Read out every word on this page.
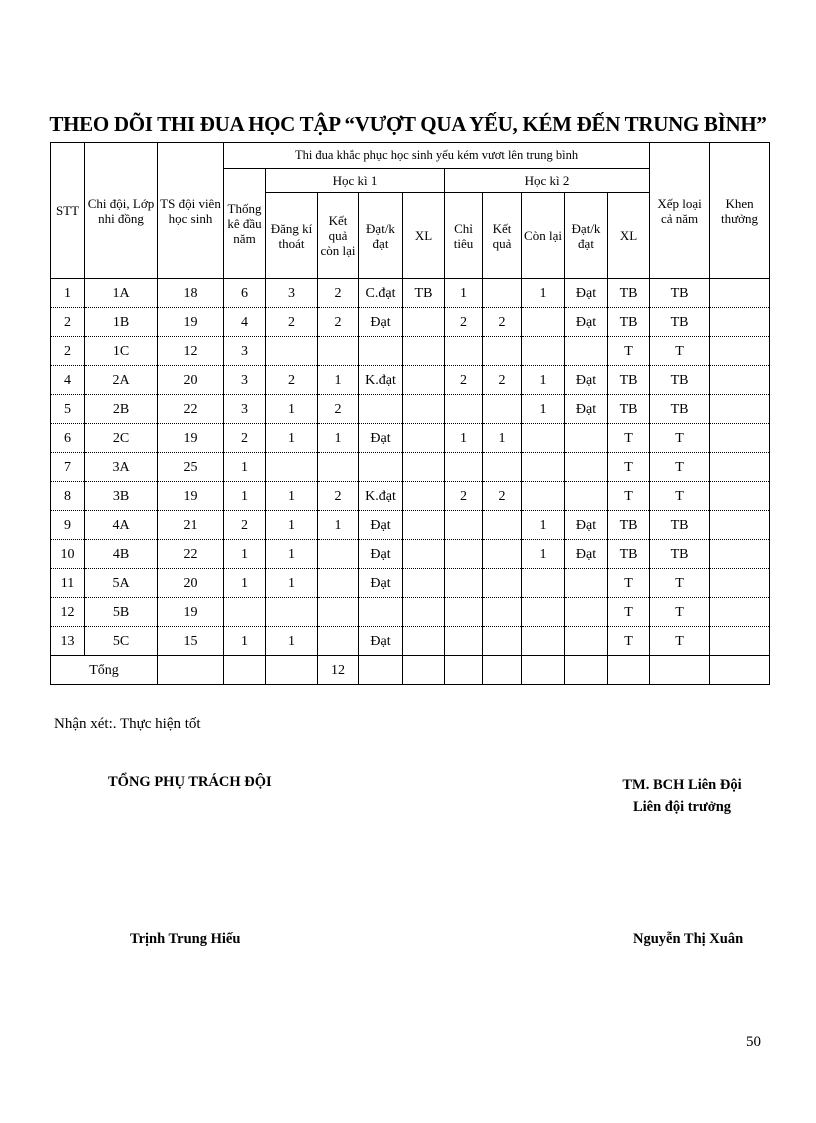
THEO DÕI THI ĐUA HỌC TẬP “VƯỢT QUA YẾU, KÉM ĐẾN TRUNG BÌNH”
STT	Chi đội, Lớp nhi đồng	TS đội viên học sinh	Thi đua khắc phục học sinh yếu kém vươt lên trung bình										Xếp loại cả năm	Khen thưởng
			Thống kê đầu năm	Học kì 1				Học kì 2						
				Đăng kí thoát	Kết quả còn lại	Đạt/k đạt	XL	Chỉ tiêu	Kết quả	Còn lại	Đạt/k đạt	XL		
1	1A	18	6	3	2	C.đạt	TB	1		1	Đạt	TB	TB	
2	1B	19	4	2	2	Đạt		2	2		Đạt	TB	TB	
2	1C	12	3									T	T	
4	2A	20	3	2	1	K.đạt		2	2	1	Đạt	TB	TB	
5	2B	22	3	1	2					1	Đạt	TB	TB	
6	2C	19	2	1	1	Đạt		1	1			T	T	
7	3A	25	1									T	T	
8	3B	19	1	1	2	K.đạt		2	2			T	T	
9	4A	21	2	1	1	Đạt				1	Đạt	TB	TB	
10	4B	22	1	1		Đạt				1	Đạt	TB	TB	
11	5A	20	1	1		Đạt						T	T	
12	5B	19										T	T	
13	5C	15	1	1		Đạt						T	T	
Tổng					12									
Nhận xét:. Thực hiện tốt
TỔNG PHỤ TRÁCH ĐỘI	TM. BCH Liên Đội
Liên đội trưởng
Trịnh Trung Hiếu	Nguyễn Thị Xuân
50
